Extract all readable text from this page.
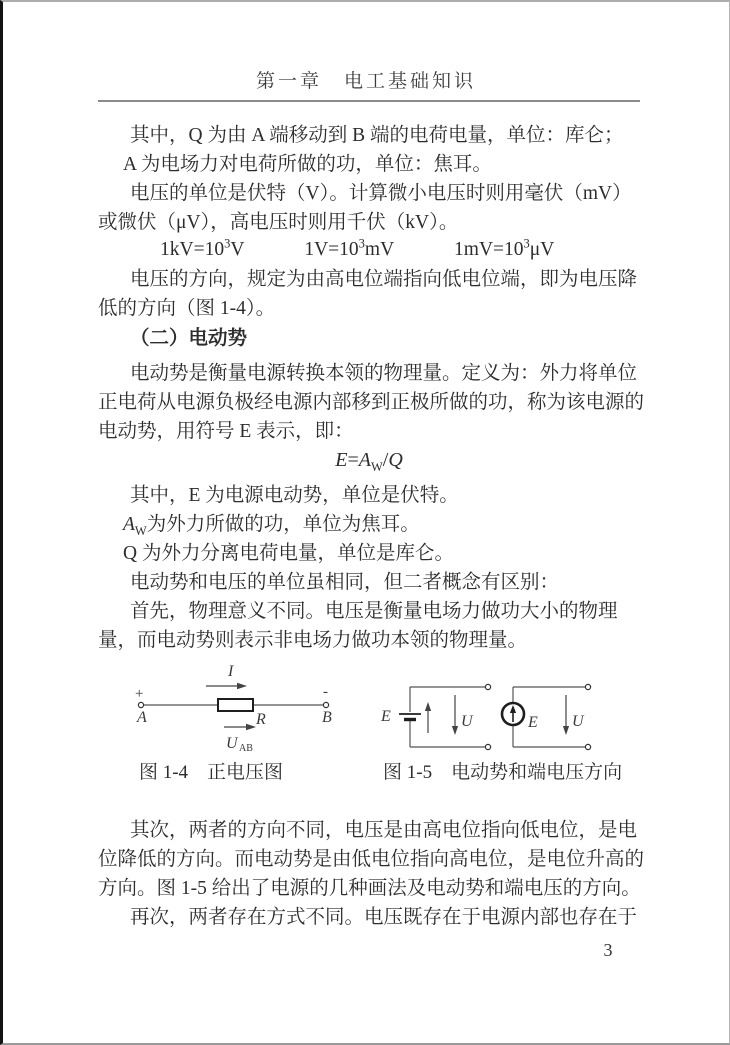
第一章　电工基础知识
其中，Q 为由 A 端移动到 B 端的电荷电量，单位：库仑；
A 为电场力对电荷所做的功，单位：焦耳。
电压的单位是伏特（V）。计算微小电压时则用毫伏（mV）
或微伏（μV），高电压时则用千伏（kV）。
$1kV=10^3V$	$1V=10^3mV$	$1mV=10^3\mu V$
电压的方向，规定为由高电位端指向低电位端，即为电压降
低的方向（图 1-4）。
（二）电动势
电动势是衡量电源转换本领的物理量。定义为：外力将单位
正电荷从电源负极经电源内部移到正极所做的功，称为该电源的
电动势，用符号 E 表示，即：
$E=A_W/Q$
其中，E 为电源电动势，单位是伏特。
$A_W$为外力所做的功，单位为焦耳。
Q 为外力分离电荷电量，单位是库仑。
电动势和电压的单位虽相同，但二者概念有区别：
首先，物理意义不同。电压是衡量电场力做功大小的物理
量，而电动势则表示非电场力做功本领的物理量。
+	-
A	B
R
I
U AB
图 1-4　正电压图
E	U	E U
图 1-5　电动势和端电压方向
其次，两者的方向不同，电压是由高电位指向低电位，是电
位降低的方向。而电动势是由低电位指向高电位，是电位升高的
方向。图 1-5 给出了电源的几种画法及电动势和端电压的方向。
再次，两者存在方式不同。电压既存在于电源内部也存在于
3
